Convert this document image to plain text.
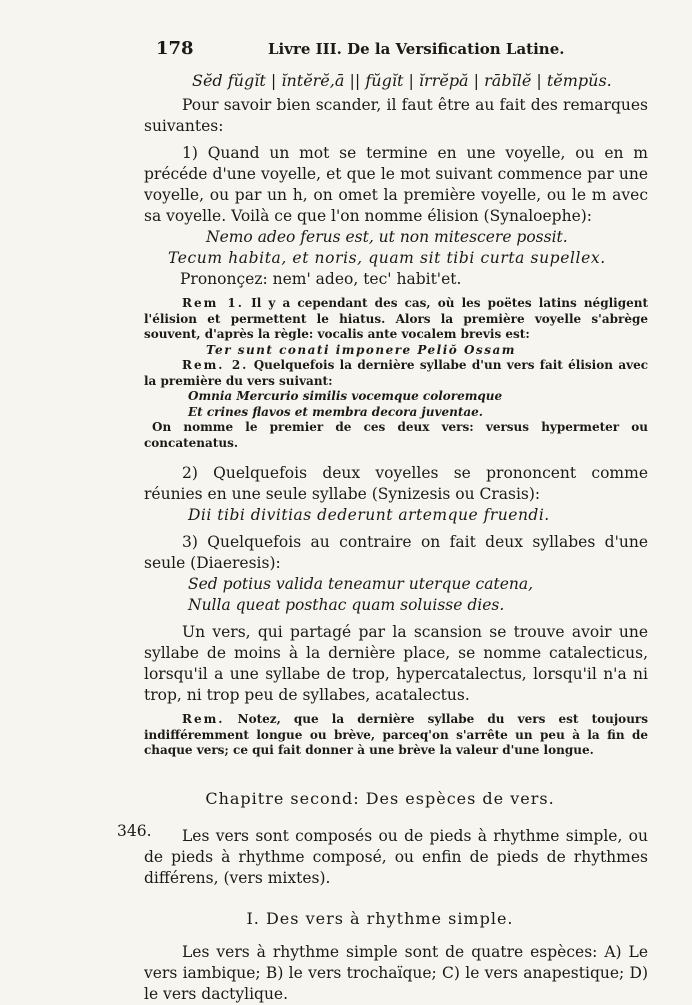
178	Livre III. De la Versification Latine.
Sĕd fŭgĭt | ĭntĕrĕ,ā || fŭgĭt | ĭrrĕpă | rābĭlĕ | tĕmpŭs.

Pour savoir bien scander, il faut être au fait des remarques suivantes:

1) Quand un mot se termine en une voyelle, ou en m précéde d'une voyelle, et que le mot suivant commence par une voyelle, ou par un h, on omet la première voyelle, ou le m avec sa voyelle. Voilà ce que l'on nomme élision (Synaloephe):

Nemo adeo ferus est, ut non mitescere possit.
Tecum habita, et noris, quam sit tibi curta supellex.
Prononçez: nem' adeo, tec' habit'et.

Rem 1. Il y a cependant des cas, où les poëtes latins négligent l'élision et permettent le hiatus. Alors la première voyelle s'abrège souvent, d'après la règle: vocalis ante vocalem brevis est:

Ter sunt conati imponere Peliŏ Ossam

Rem. 2. Quelquefois la dernière syllabe d'un vers fait élision avec la première du vers suivant:

Omnia Mercurio similis vocemque coloremque
Et crines flavos et membra decora juventae.

On nomme le premier de ces deux vers: versus hypermeter ou concatenatus.

2) Quelquefois deux voyelles se prononcent comme réunies en une seule syllabe (Synizesis ou Crasis):

Dii tibi divitias dederunt artemque fruendi.

3) Quelquefois au contraire on fait deux syllabes d'une seule (Diaeresis):

Sed potius valida teneamur uterque catena,
Nulla queat posthac quam soluisse dies.

Un vers, qui partagé par la scansion se trouve avoir une syllabe de moins à la dernière place, se nomme catalecticus, lorsqu'il a une syllabe de trop, hypercatalectus, lorsqu'il n'a ni trop, ni trop peu de syllabes, acatalectus.

Rem. Notez, que la dernière syllabe du vers est toujours indifféremment longue ou brève, parceq'on s'arrête un peu à la fin de chaque vers; ce qui fait donner à une brève la valeur d'une longue.

Chapitre second: Des espèces de vers.

Les vers sont composés ou de pieds à rhythme simple, ou de pieds à rhythme composé, ou enfin de pieds de rhythmes différens, (vers mixtes).

I. Des vers à rhythme simple.

Les vers à rhythme simple sont de quatre espèces: A) Le vers iambique; B) le vers trochaïque; C) le vers anapestique; D) le vers dactylique.

346.
